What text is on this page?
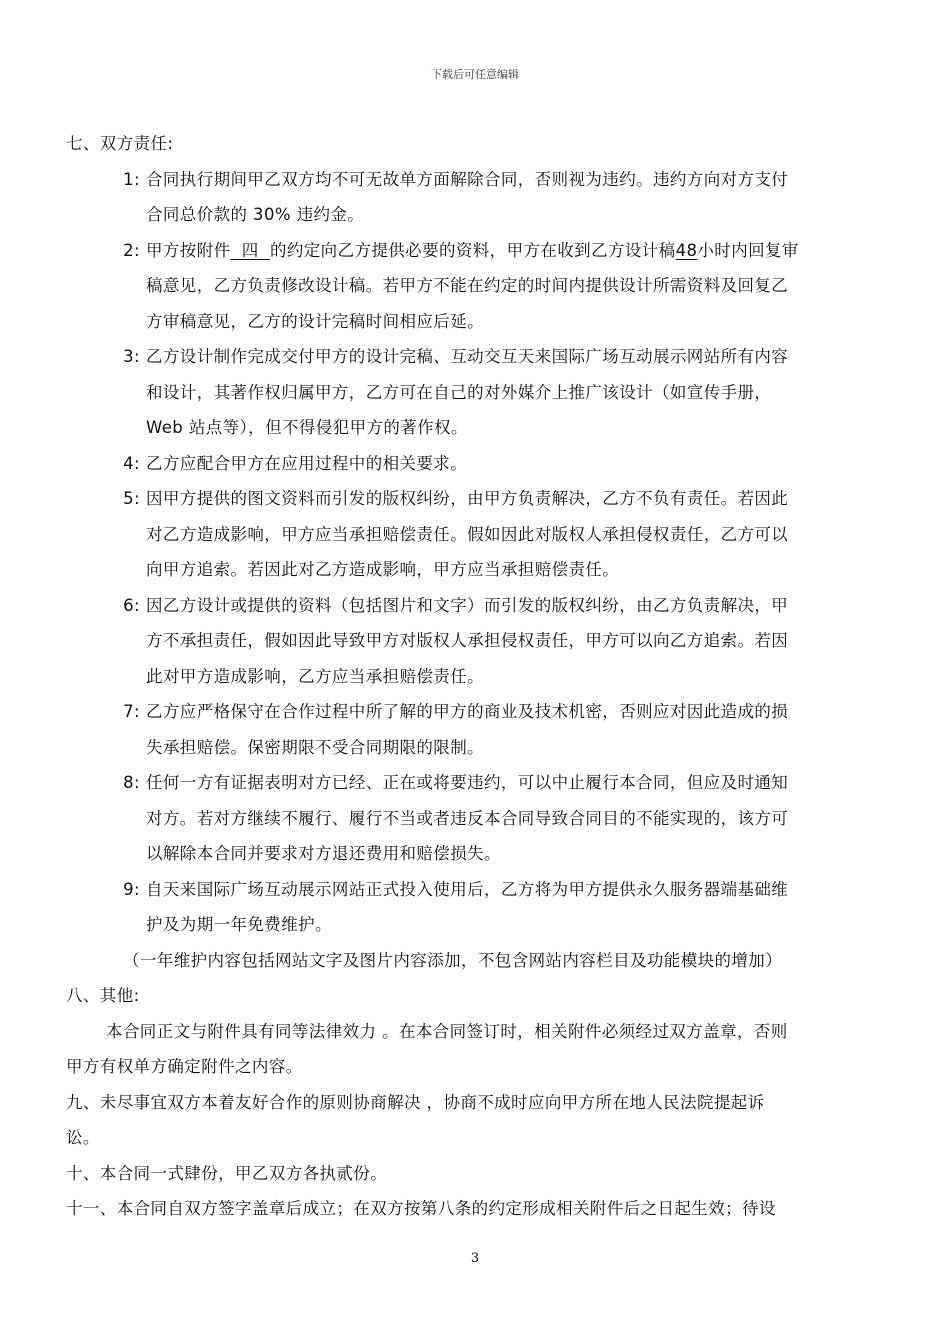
下载后可任意编辑
七、双方责任:
1: 合同执行期间甲乙双方均不可无故单方面解除合同，否则视为违约。违约方向对方支付
合同总价款的 30% 违约金。
2: 甲方按附件  四  的约定向乙方提供必要的资料，甲方在收到乙方设计稿48小时内回复审
稿意见，乙方负责修改设计稿。若甲方不能在约定的时间内提供设计所需资料及回复乙
方审稿意见，乙方的设计完稿时间相应后延。
3: 乙方设计制作完成交付甲方的设计完稿、互动交互天来国际广场互动展示网站所有内容
和设计，其著作权归属甲方，乙方可在自己的对外媒介上推广该设计（如宣传手册，
Web 站点等），但不得侵犯甲方的著作权。
4: 乙方应配合甲方在应用过程中的相关要求。
5: 因甲方提供的图文资料而引发的版权纠纷，由甲方负责解决，乙方不负有责任。若因此
对乙方造成影响，甲方应当承担赔偿责任。假如因此对版权人承担侵权责任，乙方可以
向甲方追索。若因此对乙方造成影响，甲方应当承担赔偿责任。
6: 因乙方设计或提供的资料（包括图片和文字）而引发的版权纠纷，由乙方负责解决，甲
方不承担责任，假如因此导致甲方对版权人承担侵权责任，甲方可以向乙方追索。若因
此对甲方造成影响，乙方应当承担赔偿责任。
7: 乙方应严格保守在合作过程中所了解的甲方的商业及技术机密，否则应对因此造成的损
失承担赔偿。保密期限不受合同期限的限制。
8: 任何一方有证据表明对方已经、正在或将要违约，可以中止履行本合同，但应及时通知
对方。若对方继续不履行、履行不当或者违反本合同导致合同目的不能实现的，该方可
以解除本合同并要求对方退还费用和赔偿损失。
9: 自天来国际广场互动展示网站正式投入使用后，乙方将为甲方提供永久服务器端基础维
护及为期一年免费维护。
（一年维护内容包括网站文字及图片内容添加，不包含网站内容栏目及功能模块的增加）
八、其他:
本合同正文与附件具有同等法律效力 。在本合同签订时，相关附件必须经过双方盖章，否则
甲方有权单方确定附件之内容。
九、未尽事宜双方本着友好合作的原则协商解决 ，协商不成时应向甲方所在地人民法院提起诉
讼。
十、本合同一式肆份，甲乙双方各执贰份。
十一、本合同自双方签字盖章后成立；在双方按第八条的约定形成相关附件后之日起生效；待设
3
